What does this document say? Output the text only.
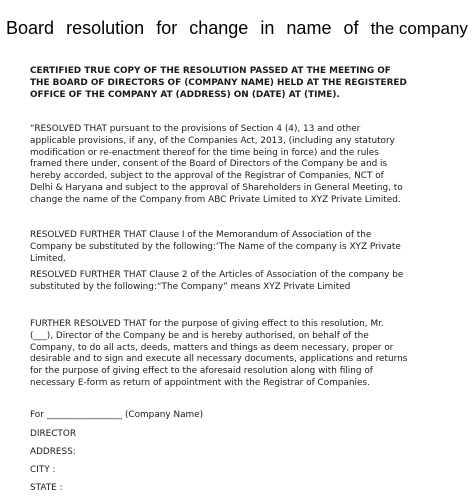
Board resolution for change in name of the company
CERTIFIED TRUE COPY OF THE RESOLUTION PASSED AT THE MEETING OF
THE BOARD OF DIRECTORS OF (COMPANY NAME) HELD AT THE REGISTERED
OFFICE OF THE COMPANY AT (ADDRESS) ON (DATE) AT (TIME).
“RESOLVED THAT pursuant to the provisions of Section 4 (4), 13 and other
applicable provisions, if any, of the Companies Act, 2013, (including any statutory
modification or re-enactment thereof for the time being in force) and the rules
framed there under, consent of the Board of Directors of the Company be and is
hereby accorded, subject to the approval of the Registrar of Companies, NCT of
Delhi & Haryana and subject to the approval of Shareholders in General Meeting, to
change the name of the Company from ABC Private Limited to XYZ Private Limited.
RESOLVED FURTHER THAT Clause I of the Memorandum of Association of the
Company be substituted by the following:‘The Name of the company is XYZ Private
Limited.
RESOLVED FURTHER THAT Clause 2 of the Articles of Association of the company be
substituted by the following:“The Company” means XYZ Private Limited
FURTHER RESOLVED THAT for the purpose of giving effect to this resolution, Mr.
(___), Director of the Company be and is hereby authorised, on behalf of the
Company, to do all acts, deeds, matters and things as deem necessary, proper or
desirable and to sign and execute all necessary documents, applications and returns
for the purpose of giving effect to the aforesaid resolution along with filing of
necessary E-form as return of appointment with the Registrar of Companies.
For _________________ (Company Name)
DIRECTOR
ADDRESS:
CITY :
STATE :
